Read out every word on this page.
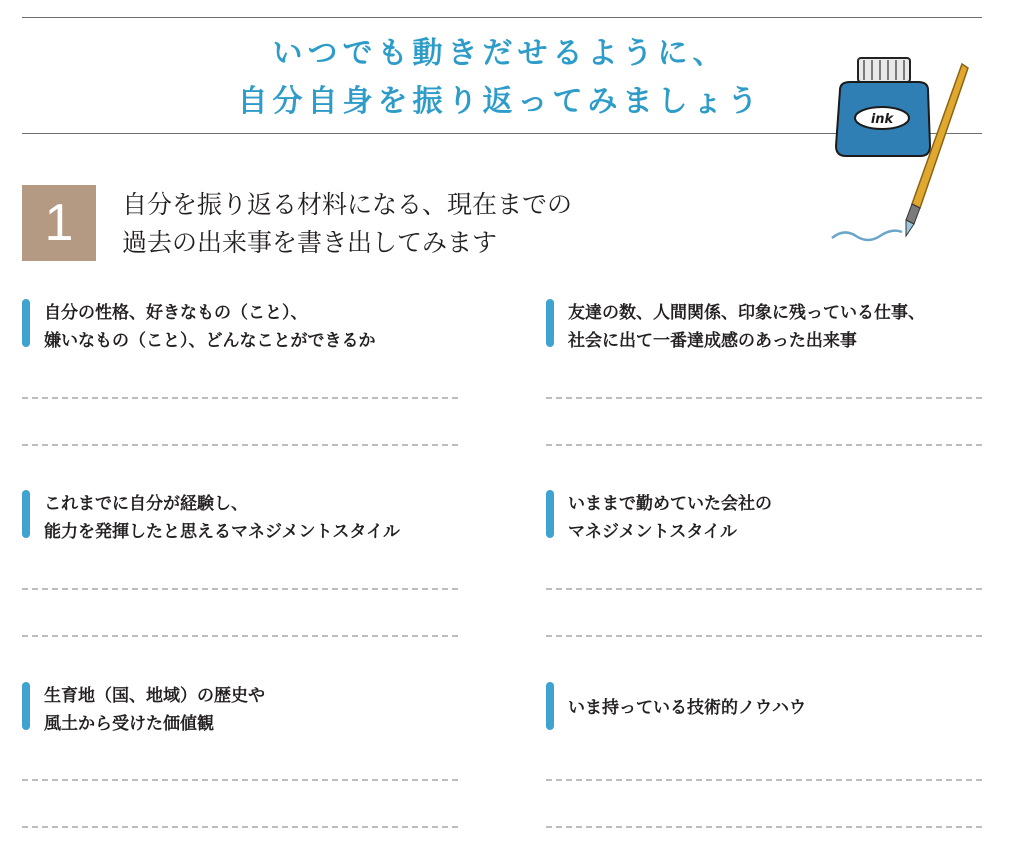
いつでも動きだせるように、
自分自身を振り返ってみましょう
ink
1 自分を振り返る材料になる、現在までの
過去の出来事を書き出してみます
自分の性格、好きなもの（こと）、
嫌いなもの（こと）、どんなことができるか
友達の数、人間関係、印象に残っている仕事、
社会に出て一番達成感のあった出来事
これまでに自分が経験し、
能力を発揮したと思えるマネジメントスタイル
いままで勤めていた会社の
マネジメントスタイル
生育地（国、地域）の歴史や
風土から受けた価値観
いま持っている技術的ノウハウ
